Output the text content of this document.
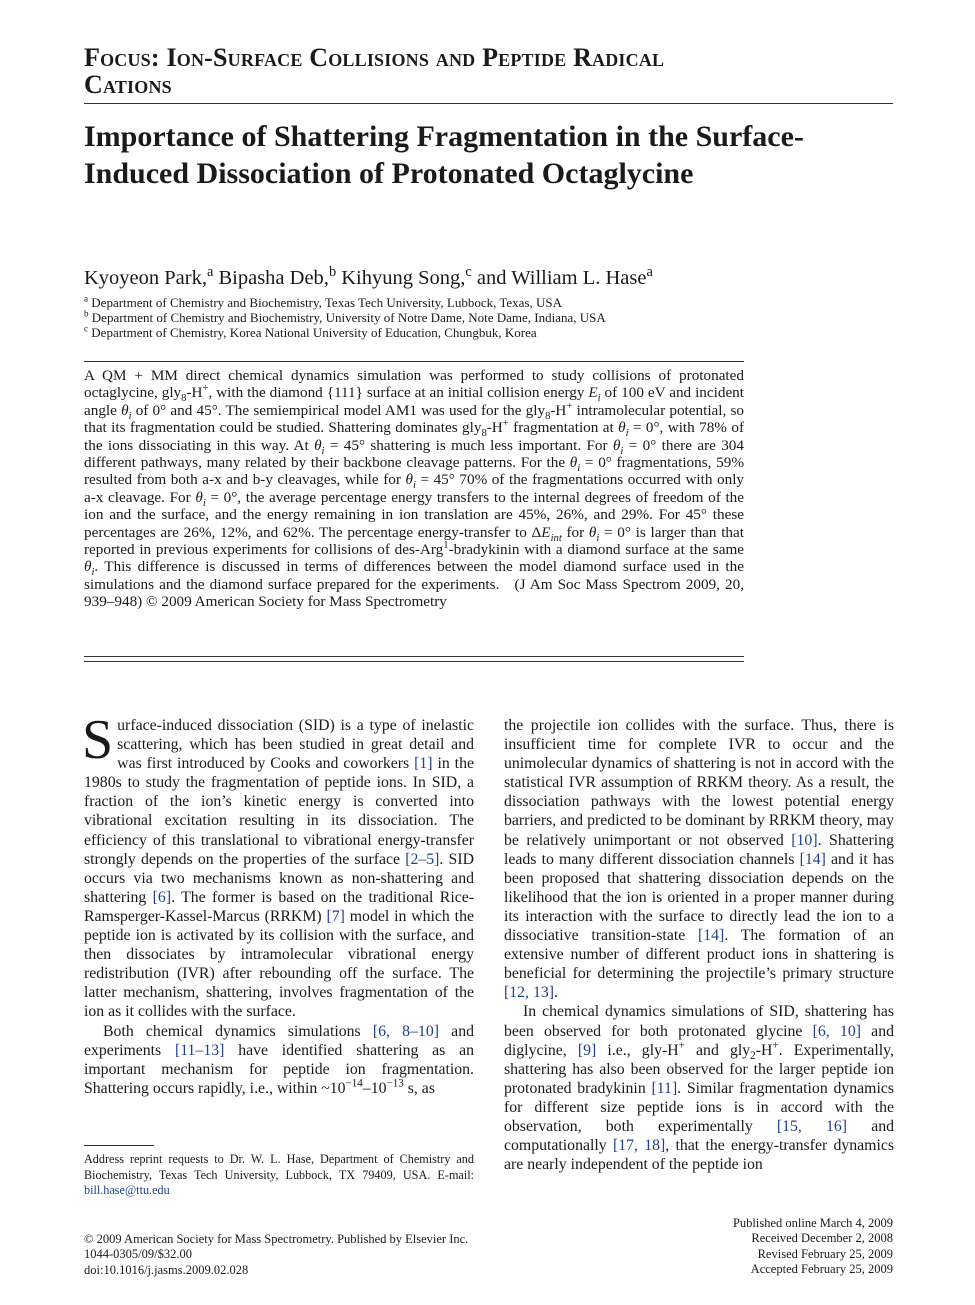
Focus: Ion-Surface Collisions and Peptide Radical
Cations
Importance of Shattering Fragmentation in the Surface-Induced Dissociation of Protonated Octaglycine
Kyoyeon Park,$^a$ Bipasha Deb,$^b$ Kihyung Song,$^c$ and William L. Hase$^a$
$^a$ Department of Chemistry and Biochemistry, Texas Tech University, Lubbock, Texas, USA
$^b$ Department of Chemistry and Biochemistry, University of Notre Dame, Note Dame, Indiana, USA
$^c$ Department of Chemistry, Korea National University of Education, Chungbuk, Korea
A QM + MM direct chemical dynamics simulation was performed to study collisions of protonated octaglycine, gly$_8$-H+, with the diamond {111} surface at an initial collision energy $E_i$ of 100 eV and incident angle $\theta_i$ of 0° and 45°. The semiempirical model AM1 was used for the gly$_8$-H+ intramolecular potential, so that its fragmentation could be studied. Shattering dominates gly$_8$-H+ fragmentation at $\theta_i = 0^\circ$, with 78% of the ions dissociating in this way. At $\theta_i = 45^\circ$ shattering is much less important. For $\theta_i = 0^\circ$ there are 304 different pathways, many related by their backbone cleavage patterns. For the $\theta_i = 0^\circ$ fragmentations, 59% resulted from both a-x and b-y cleavages, while for $\theta_i = 45^\circ$ 70% of the fragmentations occurred with only a-x cleavage. For $\theta_i = 0^\circ$, the average percentage energy transfers to the internal degrees of freedom of the ion and the surface, and the energy remaining in ion translation are 45%, 26%, and 29%. For 45° these percentages are 26%, 12%, and 62%. The percentage energy-transfer to $\Delta E_{int}$ for $\theta_i = 0^\circ$ is larger than that reported in previous experiments for collisions of des-Arg$^1$-bradykinin with a diamond surface at the same $\theta_i$. This difference is discussed in terms of differences between the model diamond surface used in the simulations and the diamond surface prepared for the experiments. (J Am Soc Mass Spectrom 2009, 20, 939–948) © 2009 American Society for Mass Spectrometry

Surface-induced dissociation (SID) is a type of inelastic scattering, which has been studied in great detail and was first introduced by Cooks and coworkers [1] in the 1980s to study the fragmentation of peptide ions. In SID, a fraction of the ion’s kinetic energy is converted into vibrational excitation resulting in its dissociation. The efficiency of this translational to vibrational energy-transfer strongly depends on the properties of the surface [2–5]. SID occurs via two mechanisms known as non-shattering and shattering [6]. The former is based on the traditional Rice-Ramsperger-Kassel-Marcus (RRKM) [7] model in which the peptide ion is activated by its collision with the surface, and then dissociates by intramolecular vibrational energy redistribution (IVR) after rebounding off the surface. The latter mechanism, shattering, involves fragmentation of the ion as it collides with the surface.

Both chemical dynamics simulations [6, 8–10] and experiments [11–13] have identified shattering as an important mechanism for peptide ion fragmentation. Shattering occurs rapidly, i.e., within $\sim 10^{-14}-10^{-13}$ s, as

the projectile ion collides with the surface. Thus, there is insufficient time for complete IVR to occur and the unimolecular dynamics of shattering is not in accord with the statistical IVR assumption of RRKM theory. As a result, the dissociation pathways with the lowest potential energy barriers, and predicted to be dominant by RRKM theory, may be relatively unimportant or not observed [10]. Shattering leads to many different dissociation channels [14] and it has been proposed that shattering dissociation depends on the likelihood that the ion is oriented in a proper manner during its interaction with the surface to directly lead the ion to a dissociative transition-state [14]. The formation of an extensive number of different product ions in shattering is beneficial for determining the projectile’s primary structure [12, 13].

In chemical dynamics simulations of SID, shattering has been observed for both protonated glycine [6, 10] and diglycine, [9] i.e., gly-H+ and gly$_2$-H+. Experimentally, shattering has also been observed for the larger peptide ion protonated bradykinin [11]. Similar fragmentation dynamics for different size peptide ions is in accord with the observation, both experimentally [15, 16] and computationally [17, 18], that the energy-transfer dynamics are nearly independent of the peptide ion

Address reprint requests to Dr. W. L. Hase, Department of Chemistry and Biochemistry, Texas Tech University, Lubbock, TX 79409, USA. E-mail: bill.hase@ttu.edu
© 2009 American Society for Mass Spectrometry. Published by Elsevier Inc.
1044-0305/09/$32.00
doi:10.1016/j.jasms.2009.02.028
Published online March 4, 2009
Received December 2, 2008
Revised February 25, 2009
Accepted February 25, 2009
